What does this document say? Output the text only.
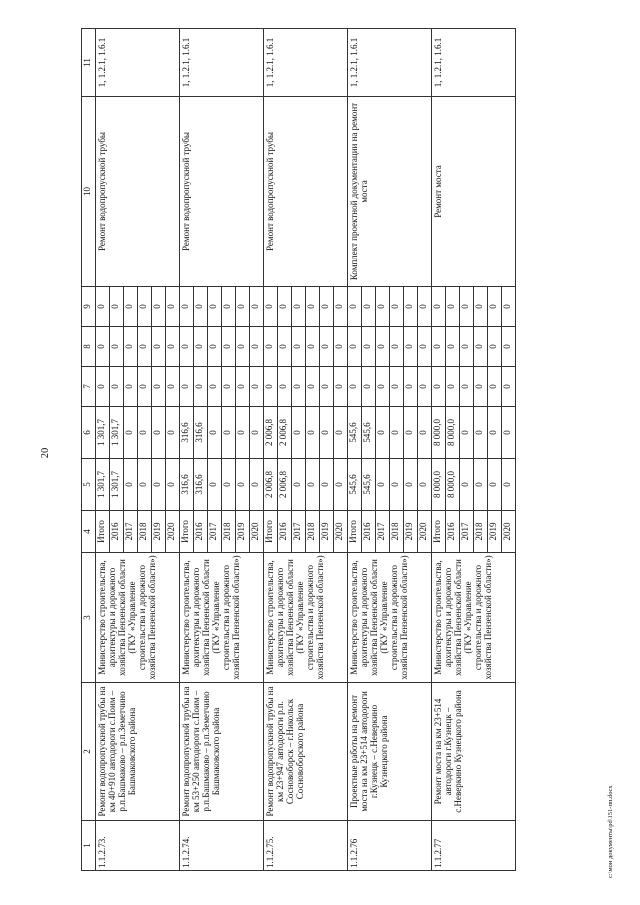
20
c:\мои документы\pd\151-пп.docx
1	2	3	4	5	6	7	8	9	10	11
1.1.2.73.	Ремонт водопропускной трубы на км 40+910 автодороги с.Поим – р.п.Башмаково – р.п.Земетчино Башмаковского района	Министерство строительства, архитектуры и дорожного хозяйства Пензенской области (ГКУ «Управление строительства и дорожного хозяйства Пензенской области»)	Итого	1 301,7	1 301,7	0	0	0	Ремонт водопропускной трубы	1, 1.2.1, 1.6.1
			2016	1 301,7	1 301,7	0	0	0		
			2017	0	0	0	0	0		
			2018	0	0	0	0	0		
			2019	0	0	0	0	0		
			2020	0	0	0	0	0		
1.1.2.74.	Ремонт водопропускной трубы на км 53+250 автодороги с.Поим – р.п.Башмаково – р.п.Земетчино Башмаковского района	Министерство строительства, архитектуры и дорожного хозяйства Пензенской области (ГКУ «Управление строительства и дорожного хозяйства Пензенской области»)	Итого	316,6	316,6	0	0	0	Ремонт водопропускной трубы	1, 1.2.1, 1.6.1
			2016	316,6	316,6	0	0	0		
			2017	0	0	0	0	0		
			2018	0	0	0	0	0		
			2019	0	0	0	0	0		
			2020	0	0	0	0	0		
1.1.2.75.	Ремонт водопропускной трубы на км 23+947 автодороги р.п. Сосновоборск – г.Никольск Сосновоборского района	Министерство строительства, архитектуры и дорожного хозяйства Пензенской области (ГКУ «Управление строительства и дорожного хозяйства Пензенской области»)	Итого	2 006,8	2 006,8	0	0	0	Ремонт водопропускной трубы	1, 1.2.1, 1.6.1
			2016	2 006,8	2 006,8	0	0	0		
			2017	0	0	0	0	0		
			2018	0	0	0	0	0		
			2019	0	0	0	0	0		
			2020	0	0	0	0	0		
1.1.2.76	Проектные работы на ремонт моста на км 23+514 автодороги г.Кузнецк – с.Неверкино Кузнецкого района	Министерство строительства, архитектуры и дорожного хозяйства Пензенской области (ГКУ «Управление строительства и дорожного хозяйства Пензенской области»)	Итого	545,6	545,6	0	0	0	Комплект проектной документации на ремонт моста	1, 1.2.1, 1.6.1
			2016	545,6	545,6	0	0	0		
			2017	0	0	0	0	0		
			2018	0	0	0	0	0		
			2019	0	0	0	0	0		
			2020	0	0	0	0	0		
1.1.2.77	Ремонт моста на км 23+514 автодороги г.Кузнецк – с.Неверкино Кузнецкого района	Министерство строительства, архитектуры и дорожного хозяйства Пензенской области (ГКУ «Управление строительства и дорожного хозяйства Пензенской области»)	Итого	8 000,0	8 000,0	0	0	0	Ремонт моста	1, 1.2.1, 1.6.1
			2016	8 000,0	8 000,0	0	0	0		
			2017	0	0	0	0	0		
			2018	0	0	0	0	0		
			2019	0	0	0	0	0		
			2020	0	0	0	0	0		
